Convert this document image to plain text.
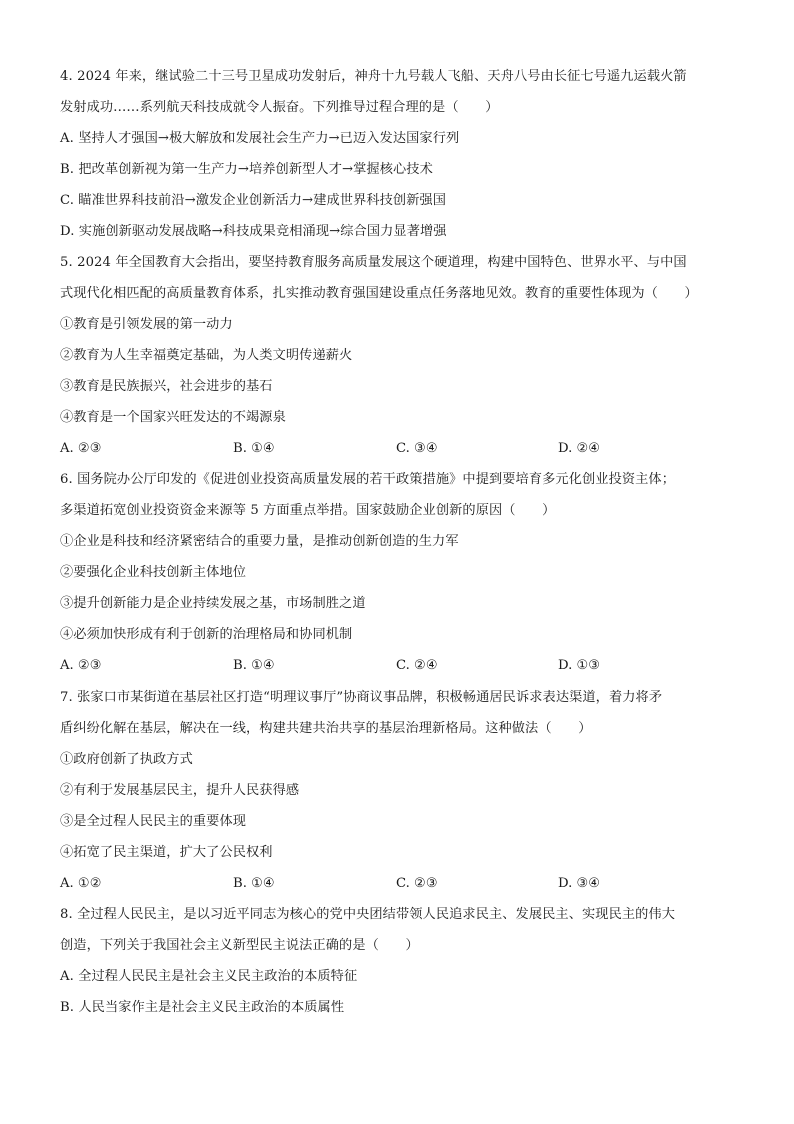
4. 2024 年来，继试验二十三号卫星成功发射后，神舟十九号载人飞船、天舟八号由长征七号遥九运载火箭
发射成功……系列航天科技成就令人振奋。下列推导过程合理的是（　　）
A. 坚持人才强国→极大解放和发展社会生产力→已迈入发达国家行列
B. 把改革创新视为第一生产力→培养创新型人才→掌握核心技术
C. 瞄准世界科技前沿→激发企业创新活力→建成世界科技创新强国
D. 实施创新驱动发展战略→科技成果竞相涌现→综合国力显著增强
5. 2024 年全国教育大会指出，要坚持教育服务高质量发展这个硬道理，构建中国特色、世界水平、与中国
式现代化相匹配的高质量教育体系，扎实推动教育强国建设重点任务落地见效。教育的重要性体现为（　　）
①教育是引领发展的第一动力
②教育为人生幸福奠定基础，为人类文明传递薪火
③教育是民族振兴，社会进步的基石
④教育是一个国家兴旺发达的不竭源泉
A. ②③	B. ①④	C. ③④	D. ②④
6. 国务院办公厅印发的《促进创业投资高质量发展的若干政策措施》中提到要培育多元化创业投资主体；
多渠道拓宽创业投资资金来源等 5 方面重点举措。国家鼓励企业创新的原因（　　）
①企业是科技和经济紧密结合的重要力量，是推动创新创造的生力军
②要强化企业科技创新主体地位
③提升创新能力是企业持续发展之基，市场制胜之道
④必须加快形成有利于创新的治理格局和协同机制
A. ②③	B. ①④	C. ②④	D. ①③
7. 张家口市某街道在基层社区打造“明理议事厅”协商议事品牌，积极畅通居民诉求表达渠道，着力将矛
盾纠纷化解在基层，解决在一线，构建共建共治共享的基层治理新格局。这种做法（　　）
①政府创新了执政方式
②有利于发展基层民主，提升人民获得感
③是全过程人民民主的重要体现
④拓宽了民主渠道，扩大了公民权利
A. ①②	B. ①④	C. ②③	D. ③④
8. 全过程人民民主，是以习近平同志为核心的党中央团结带领人民追求民主、发展民主、实现民主的伟大
创造，下列关于我国社会主义新型民主说法正确的是（　　）
A. 全过程人民民主是社会主义民主政治的本质特征
B. 人民当家作主是社会主义民主政治的本质属性
